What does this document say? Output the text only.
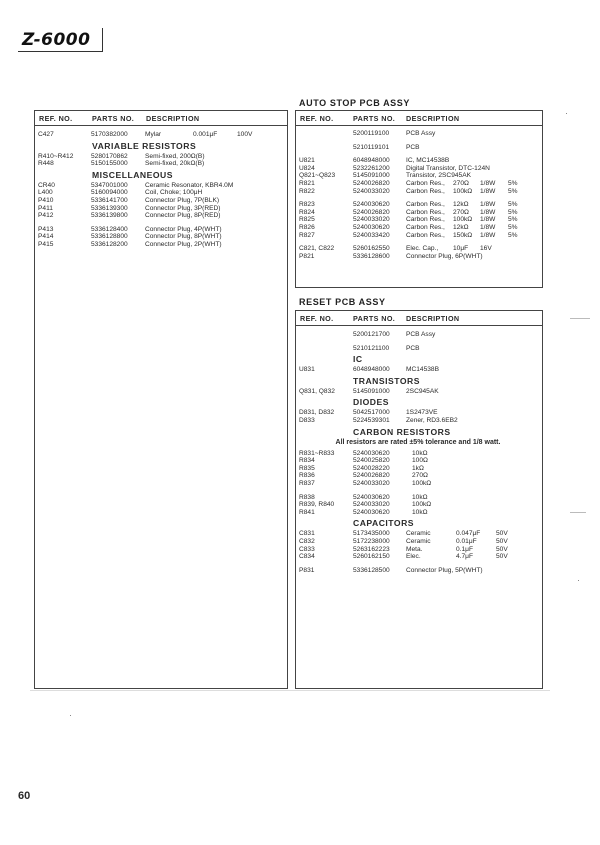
Z-6000
REF. NO.	PARTS NO. DESCRIPTION
C427	5170382000	Mylar	0.001μF	100V
VARIABLE RESISTORS
R410~R412	5280170862	Semi-fixed, 200Ω(B)
R448	5150155000	Semi-fixed, 20kΩ(B)
MISCELLANEOUS
CR40	5347001000	Ceramic Resonator, KBR4.0M
L400	5160094000	Coil, Choke; 100μH
P410	5336141700	Connector Plug, 7P(BLK)
P411	5336139300	Connector Plug, 3P(RED)
P412	5336139800	Connector Plug, 8P(RED)
P413	5336128400	Connector Plug, 4P(WHT)
P414	5336128800	Connector Plug, 8P(WHT)
P415	5336128200	Connector Plug, 2P(WHT)
AUTO STOP PCB ASSY
REF. NO.	PARTS NO. DESCRIPTION
5200119100	PCB Assy
5210119101	PCB
U821	6048948000 IC, MC14538B
U824	5232261200 Digital Transistor, DTC-124N
Q821~Q823	5145091000 Transistor, 2SC945AK
R821	5240026820 Carbon Res., 270Ω 1/8W 5%
R822	5240033020 Carbon Res., 100kΩ 1/8W 5%
R823	5240030620 Carbon Res., 12kΩ 1/8W 5%
R824	5240026820 Carbon Res., 270Ω 1/8W 5%
R825	5240033020 Carbon Res., 100kΩ 1/8W 5%
R826	5240030620 Carbon Res., 12kΩ 1/8W 5%
R827	5240033420 Carbon Res., 150kΩ 1/8W 5%
C821, C822	5260162550 Elec. Cap., 10μF 16V
P821	5336128600 Connector Plug, 6P(WHT)
RESET PCB ASSY
REF. NO.	PARTS NO. DESCRIPTION
5200121700 PCB Assy
5210121100	PCB
IC
U831	6048948000 MC14538B
TRANSISTORS
Q831, Q832	5145091000 2SC945AK
DIODES
D831, D832	5042517000 1S2473VE
D833	5224539301 Zener, RD3.6EB2
CARBON RESISTORS
All resistors are rated ±5% tolerance and 1/8 watt.
R831~R833	5240030620	10kΩ
R834	5240025820	100Ω
R835	5240028220	1kΩ
R836	5240026820	270Ω
R837	5240033020	100kΩ
R838	5240030620	10kΩ
R839, R840	5240033020	100kΩ
R841	5240030620	10kΩ
CAPACITORS
C831	5173435000 Ceramic	0.047μF 50V
C832	5172238000 Ceramic	0.01μF	50V
C833	5263162223 Meta.	0.1μF	50V
C834	5260162150 Elec.	4.7μF	50V
P831	5336128500 Connector Plug, 5P(WHT)
60
